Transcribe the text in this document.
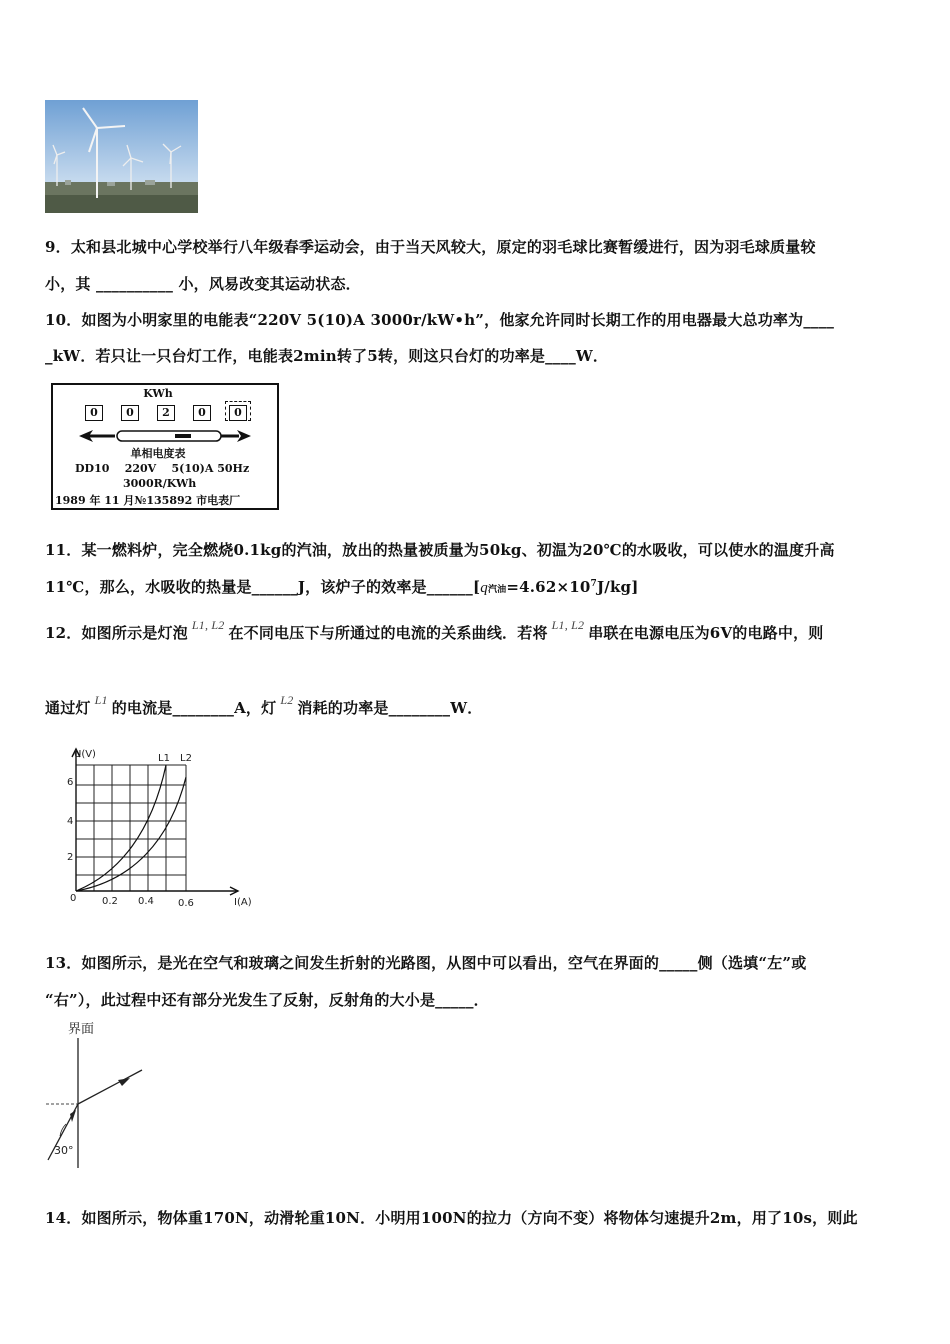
9．太和县北城中心学校举行八年级春季运动会，由于当天风较大，原定的羽毛球比赛暂缓进行，因为羽毛球质量较
小，其 __________ 小，风易改变其运动状态．
10．如图为小明家里的电能表“220V 5(10)A 3000r/kW•h”，他家允许同时长期工作的用电器最大总功率为____
_kW．若只让一只台灯工作，电能表2min转了5转，则这只台灯的功率是____W．
KWh
0	0	2	0	0
单相电度表
DD10    220V    5(10)A 50Hz
3000R/KWh
1989 年 11 月№135892 市电表厂
11．某一燃料炉，完全燃烧0.1kg的汽油，放出的热量被质量为50kg、初温为20℃的水吸收，可以使水的温度升高
11℃，那么，水吸收的热量是______J，该炉子的效率是______[q汽油$=4.62\times 10^7J/kg$]
12．如图所示是灯泡 $^{L1, L2}$ 在不同电压下与所通过的电流的关系曲线．若将 $^{L1, L2}$ 串联在电源电压为6V的电路中，则
通过灯 $^{L1}$ 的电流是________A，灯 $^{L2}$ 消耗的功率是________W．
U(V)
6
4
2
0	0.2 0.4 0.6	I(A)
L1 L2
13．如图所示，是光在空气和玻璃之间发生折射的光路图，从图中可以看出，空气在界面的_____侧（选填“左”或
“右”），此过程中还有部分光发生了反射，反射角的大小是_____．
界面
30°
14．如图所示，物体重170N，动滑轮重10N．小明用100N的拉力（方向不变）将物体匀速提升2m，用了10s，则此
